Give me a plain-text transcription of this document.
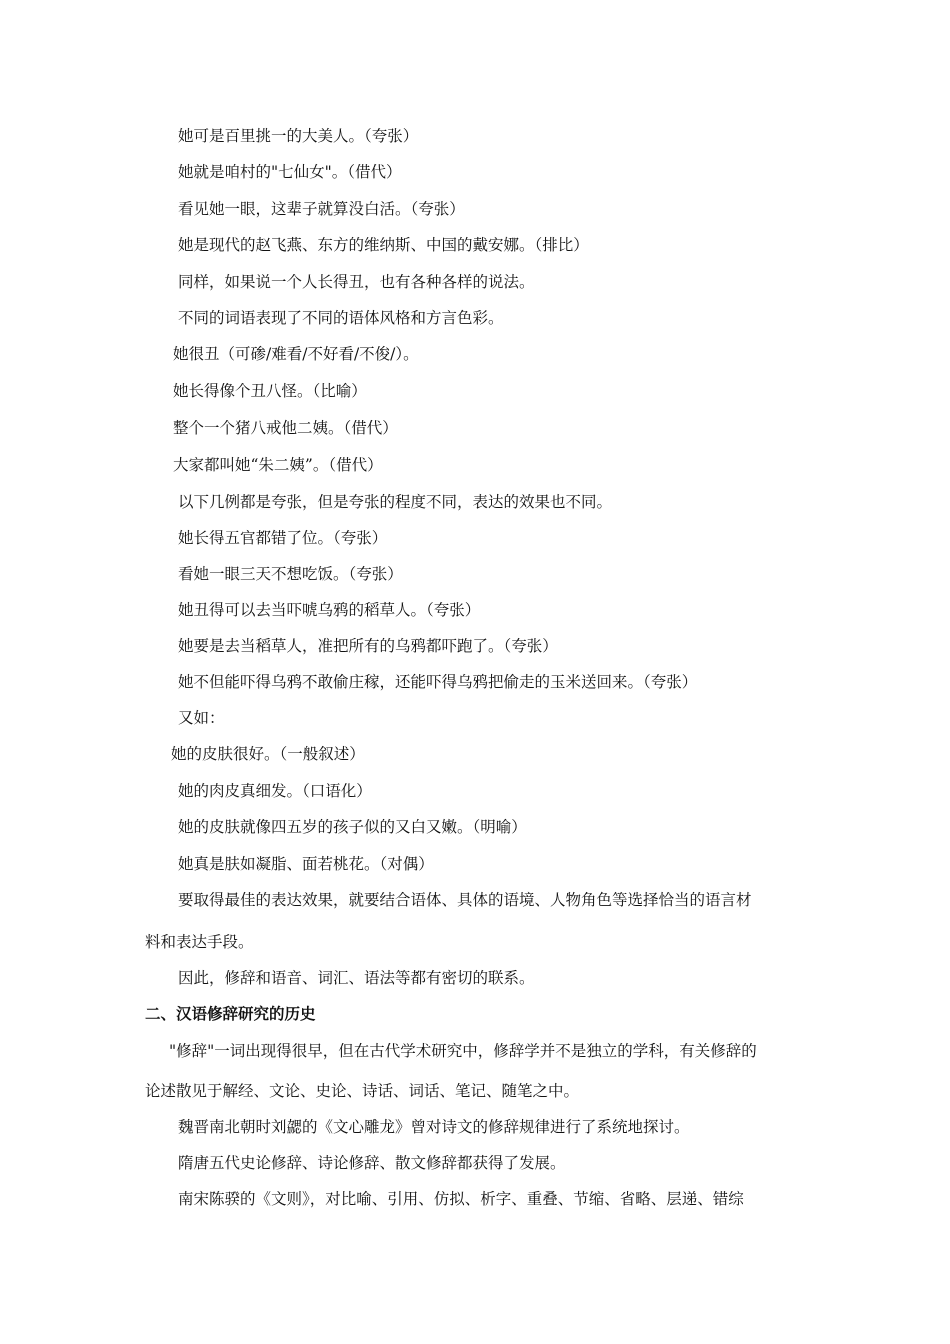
她可是百里挑一的大美人。（夸张）
她就是咱村的"七仙女"。（借代）
看见她一眼，这辈子就算没白活。（夸张）
她是现代的赵飞燕、东方的维纳斯、中国的戴安娜。（排比）
同样，如果说一个人长得丑，也有各种各样的说法。
不同的词语表现了不同的语体风格和方言色彩。
她很丑（可碜/难看/不好看/不俊/）。
她长得像个丑八怪。（比喻）
整个一个猪八戒他二姨。（借代）
大家都叫她“朱二姨”。（借代）
以下几例都是夸张，但是夸张的程度不同，表达的效果也不同。
她长得五官都错了位。（夸张）
看她一眼三天不想吃饭。（夸张）
她丑得可以去当吓唬乌鸦的稻草人。（夸张）
她要是去当稻草人，准把所有的乌鸦都吓跑了。（夸张）
她不但能吓得乌鸦不敢偷庄稼，还能吓得乌鸦把偷走的玉米送回来。（夸张）
又如：
她的皮肤很好。（一般叙述）
她的肉皮真细发。（口语化）
她的皮肤就像四五岁的孩子似的又白又嫩。（明喻）
她真是肤如凝脂、面若桃花。（对偶）
要取得最佳的表达效果，就要结合语体、具体的语境、人物角色等选择恰当的语言材
料和表达手段。
因此，修辞和语音、词汇、语法等都有密切的联系。
二、汉语修辞研究的历史
"修辞"一词出现得很早，但在古代学术研究中，修辞学并不是独立的学科，有关修辞的
论述散见于解经、文论、史论、诗话、词话、笔记、随笔之中。
魏晋南北朝时刘勰的《文心雕龙》曾对诗文的修辞规律进行了系统地探讨。
隋唐五代史论修辞、诗论修辞、散文修辞都获得了发展。
南宋陈骙的《文则》，对比喻、引用、仿拟、析字、重叠、节缩、省略、层递、错综
